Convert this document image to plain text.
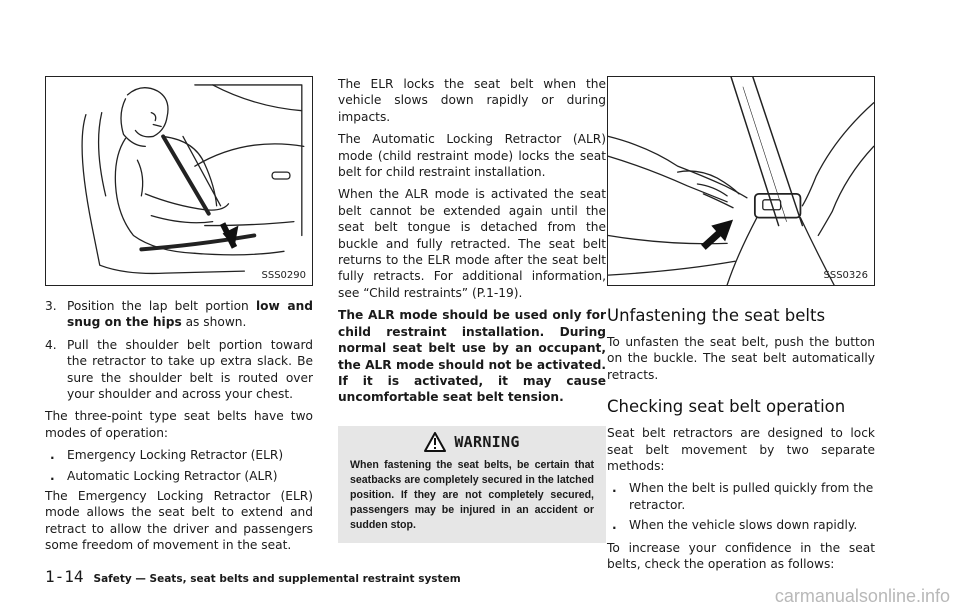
SSS0290
3. Position the lap belt portion low and snug on the hips as shown.
4. Pull the shoulder belt portion toward the retractor to take up extra slack. Be sure the shoulder belt is routed over your shoulder and across your chest.

The three-point type seat belts have two modes of operation:

. Emergency Locking Retractor (ELR)
. Automatic Locking Retractor (ALR)

The Emergency Locking Retractor (ELR) mode allows the seat belt to extend and retract to allow the driver and passengers some freedom of movement in the seat.

The ELR locks the seat belt when the vehicle slows down rapidly or during impacts.

The Automatic Locking Retractor (ALR) mode (child restraint mode) locks the seat belt for child restraint installation.

When the ALR mode is activated the seat belt cannot be extended again until the seat belt tongue is detached from the buckle and fully retracted. The seat belt returns to the ELR mode after the seat belt fully retracts. For additional information, see “Child restraints” (P.1-19).

The ALR mode should be used only for child restraint installation. During normal seat belt use by an occupant, the ALR mode should not be activated. If it is activated, it may cause uncomfortable seat belt tension.

WARNING
When fastening the seat belts, be certain that seatbacks are completely secured in the latched position. If they are not completely secured, passengers may be injured in an accident or sudden stop.
SSS0326
Unfastening the seat belts

To unfasten the seat belt, push the button on the buckle. The seat belt automatically retracts.

Checking seat belt operation

Seat belt retractors are designed to lock seat belt movement by two separate methods:

. When the belt is pulled quickly from the retractor.
. When the vehicle slows down rapidly.

To increase your confidence in the seat belts, check the operation as follows:

1-14 Safety — Seats, seat belts and supplemental restraint system
carmanualsonline.info
